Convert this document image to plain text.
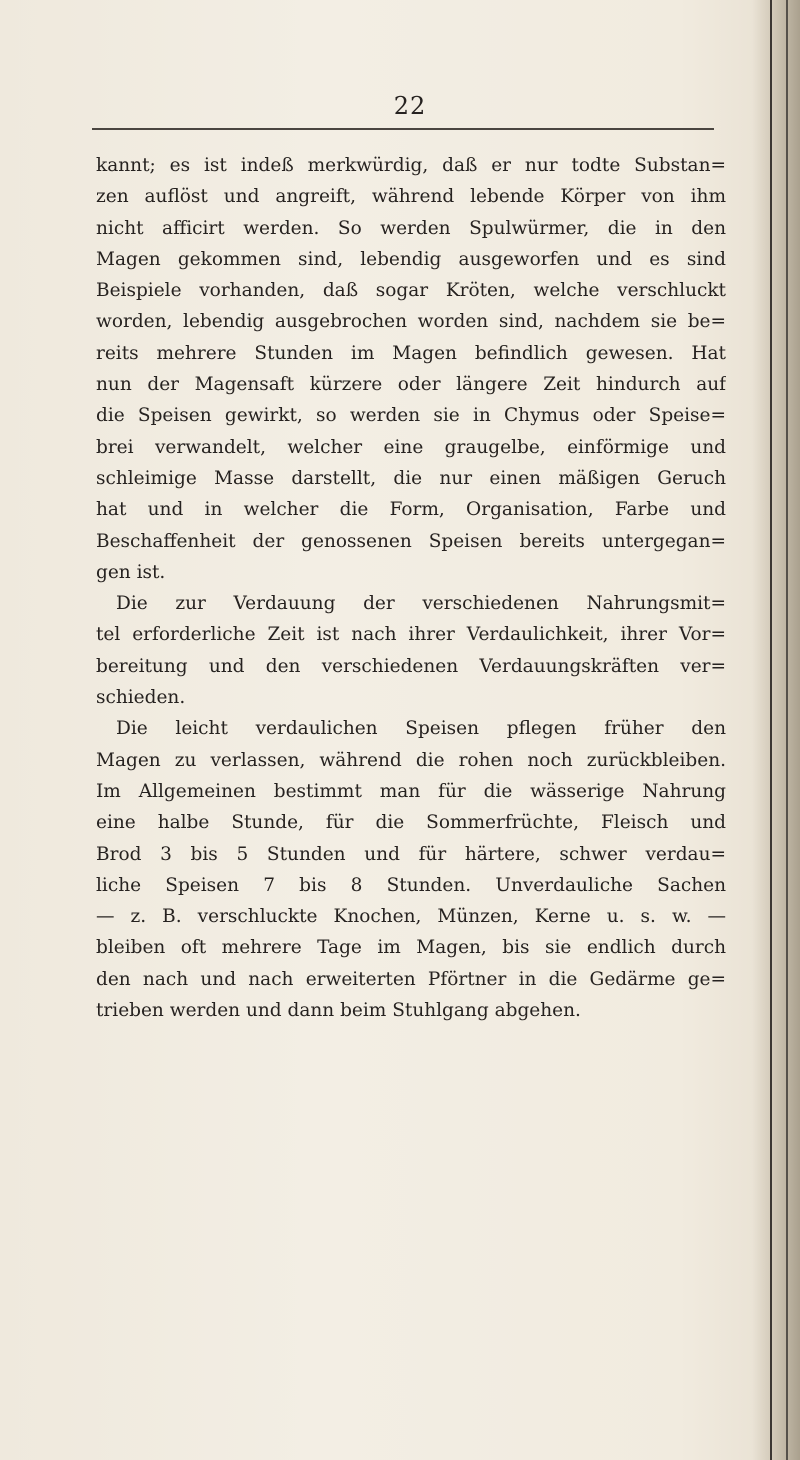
22
kannt; es ist indeß merkwürdig, daß er nur todte Substan=
zen auflöst und angreift, während lebende Körper von ihm
nicht afficirt werden. So werden Spulwürmer, die in den
Magen gekommen sind, lebendig ausgeworfen und es sind
Beispiele vorhanden, daß sogar Kröten, welche verschluckt
worden, lebendig ausgebrochen worden sind, nachdem sie be=
reits mehrere Stunden im Magen befindlich gewesen. Hat
nun der Magensaft kürzere oder längere Zeit hindurch auf
die Speisen gewirkt, so werden sie in Chymus oder Speise=
brei verwandelt, welcher eine graugelbe, einförmige und
schleimige Masse darstellt, die nur einen mäßigen Geruch
hat und in welcher die Form, Organisation, Farbe und
Beschaffenheit der genossenen Speisen bereits untergegan=
gen ist.
Die zur Verdauung der verschiedenen Nahrungsmit=
tel erforderliche Zeit ist nach ihrer Verdaulichkeit, ihrer Vor=
bereitung und den verschiedenen Verdauungskräften ver=
schieden.
Die leicht verdaulichen Speisen pflegen früher den
Magen zu verlassen, während die rohen noch zurückbleiben.
Im Allgemeinen bestimmt man für die wässerige Nahrung
eine halbe Stunde, für die Sommerfrüchte, Fleisch und
Brod 3 bis 5 Stunden und für härtere, schwer verdau=
liche Speisen 7 bis 8 Stunden. Unverdauliche Sachen
— z. B. verschluckte Knochen, Münzen, Kerne u. s. w. —
bleiben oft mehrere Tage im Magen, bis sie endlich durch
den nach und nach erweiterten Pförtner in die Gedärme ge=
trieben werden und dann beim Stuhlgang abgehen.
